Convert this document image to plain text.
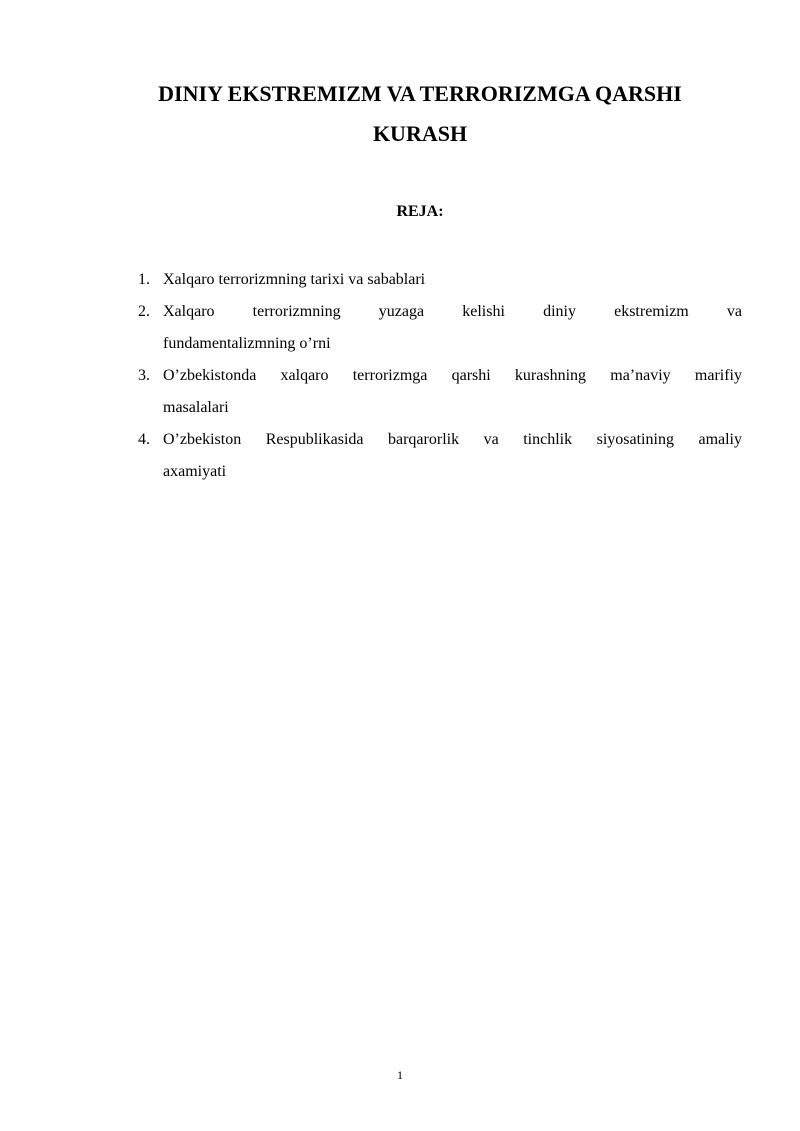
DINIY EKSTREMIZM VA TERRORIZMGA QARSHI
KURASH
REJA:
1. Xalqaro terrorizmning tarixi va sabablari
2. Xalqaro terrorizmning yuzaga kelishi diniy ekstremizm va
fundamentalizmning o’rni
3. O’zbekistonda xalqaro terrorizmga qarshi kurashning ma’naviy marifiy
masalalari
4. O’zbekiston Respublikasida barqarorlik va tinchlik siyosatining amaliy
axamiyati
1
